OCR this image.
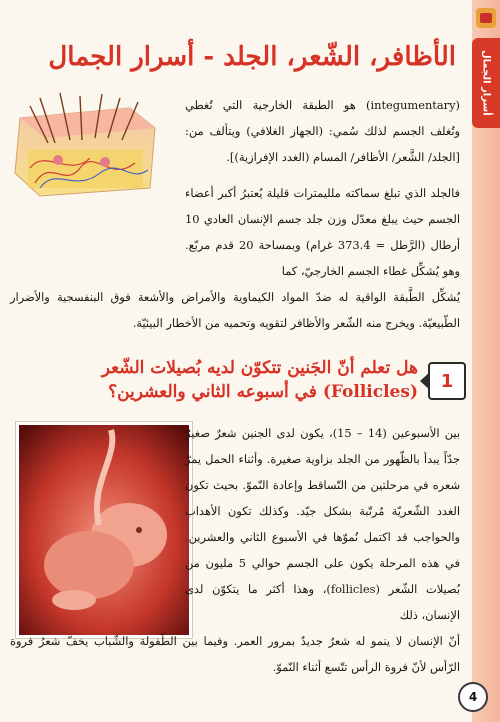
أسرار الجمال
الأظافر، الشّعر، الجلد - أسرار الجمال
(integumentary) هو الطبقة الخارجية التي تُغطي وتُغلف الجسم لذلك سُمي: (الجهاز الغلافي) ويتألف من: [الجلد/ الشَّعر/ الأظافر/ المسام (الغدد الإفرازية)].
فالجلد الذي تبلغ سماكته ملليمترات قليلة يُعتبرُ أكبر أعضاء الجسم حيث يبلغ معدّل وزن جلد جسم الإنسان العادي 10 أرطال (الرَّطل = 373.4 غرام) وبمساحة 20 قدم مربّع. وهو يُشكِّل غطاء الجسم الخارجيّ، كما
يُشكِّل الطَّبقة الواقية له ضدّ المواد الكيماوية والأمراض والأشعة فوق البنفسجية والأضرار الطّبيعيّة. ويخرج منه الشّعر والأظافر لتقويه وتحميه من الأخطار البيئيّة.
1
هل تعلم أنّ الجَنين تتكوّن لديه بُصيلات الشّعر (Follicles) في أسبوعه الثاني والعشرين؟
بين الأسبوعين (14 – 15)، يكون لدى الجنين شعرٌ صغيرٌ جدّاً يبدأ بالظّهور من الجلد بزاوية صغيرة. وأثناء الحمل يمرّ شعره في مرحلتين من التّساقط وإعادة النّموّ. بحيث تكون الغدد الشّعريّة مُرتّبة بشكل جيّد. وكذلك تكون الأهداب والحواجب قد اكتمل نُموّها في الأسبوع الثاني والعشرين. في هذه المرحلة يكون على الجسم حوالي 5 مليون من بُصيلات الشّعر (follicles)، وهذا أكثر ما يتكوّن لدى الإنسان، ذلك
أنّ الإنسان لا ينمو له شعرٌ جديدٌ بمرور العمر. وفيما بين الطّفولة والشّباب يخفّ شعرُ فروة الرّأس لأنّ فروة الرأس تتّسع أثناء النّموّ.
4
